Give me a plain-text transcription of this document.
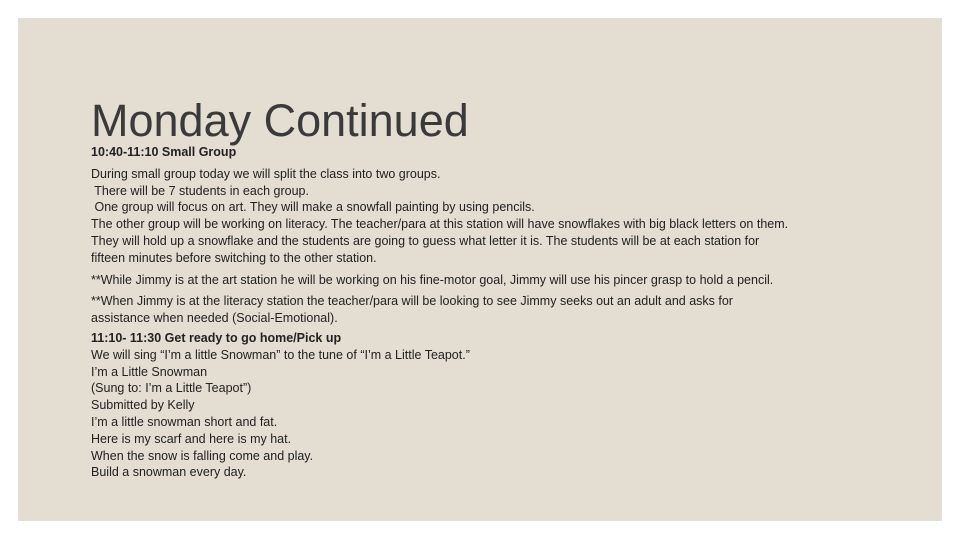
Monday Continued

10:40-11:10 Small Group

During small group today we will split the class into two groups.

There will be 7 students in each group.

One group will focus on art. They will make a snowfall painting by using pencils.

The other group will be working on literacy. The teacher/para at this station will have snowflakes with big black letters on them.

They will hold up a snowflake and the students are going to guess what letter it is. The students will be at each station for

fifteen minutes before switching to the other station.

**While Jimmy is at the art station he will be working on his fine-motor goal, Jimmy will use his pincer grasp to hold a pencil.

**When Jimmy is at the literacy station the teacher/para will be looking to see Jimmy seeks out an adult and asks for

assistance when needed (Social-Emotional).

11:10- 11:30 Get ready to go home/Pick up

We will sing “I’m a little Snowman” to the tune of “I’m a Little Teapot.”

I’m a Little Snowman

(Sung to: I’m a Little Teapot”)

Submitted by Kelly

I’m a little snowman short and fat.

Here is my scarf and here is my hat.

When the snow is falling come and play.

Build a snowman every day.
